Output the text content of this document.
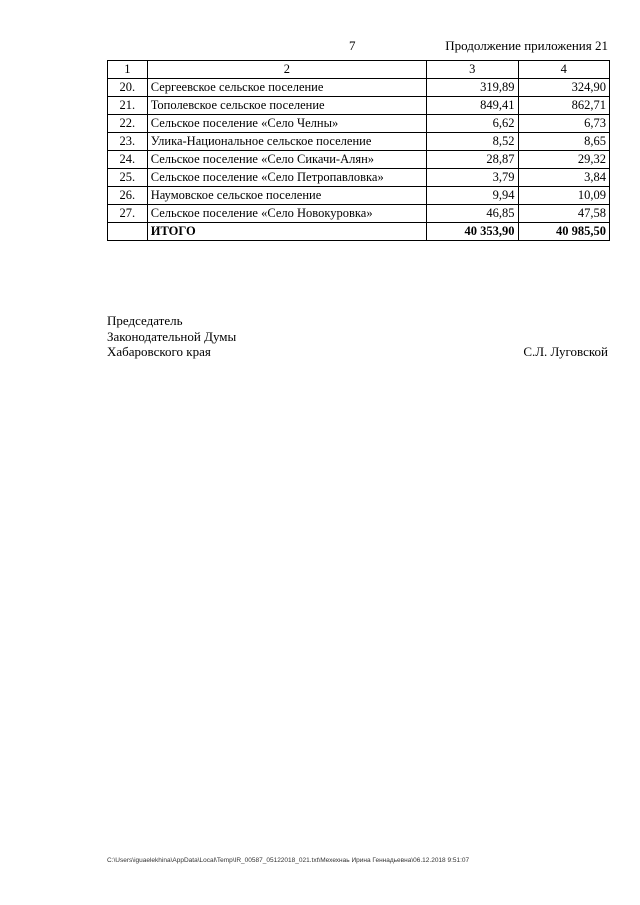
7	Продолжение приложения 21
1	2	3	4
20.	Сергеевское сельское поселение	319,89	324,90
21.	Тополевское сельское поселение	849,41	862,71
22.	Сельское поселение «Село Челны»	6,62	6,73
23.	Улика-Национальное сельское поселение	8,52	8,65
24.	Сельское поселение «Село Сикачи-Алян»	28,87	29,32
25.	Сельское поселение «Село Петропавловка»	3,79	3,84
26.	Наумовское сельское поселение	9,94	10,09
27.	Сельское поселение «Село Новокуровка»	46,85	47,58
	ИТОГО	40 353,90	40 985,50
Председатель
Законодательной Думы
Хабаровского края	С.Л. Луговской
C:\Users\iguaelekhina\AppData\Local\Temp\IR_00587_05122018_021.txt\Мехехнаь Ирина Геннадьевна\06.12.2018 9:51:07
